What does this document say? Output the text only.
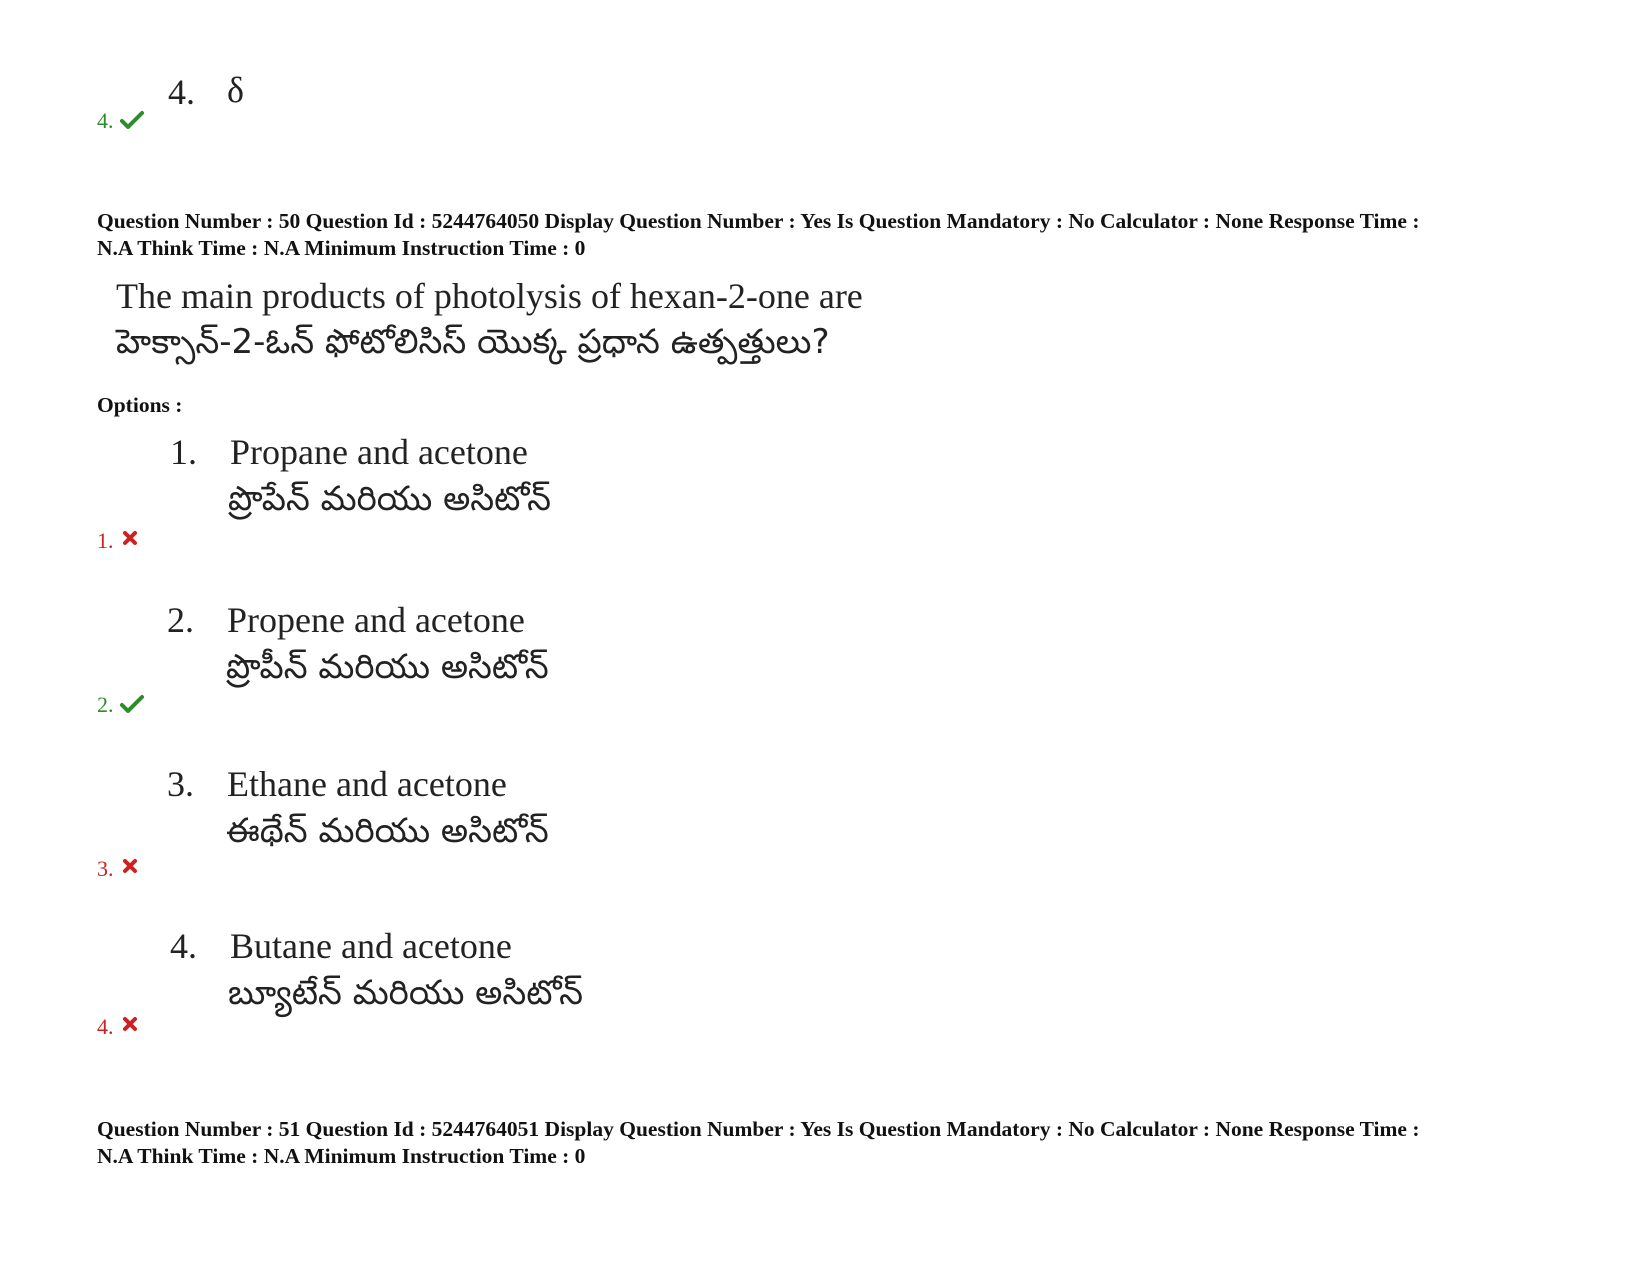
4. δ
4.
Question Number : 50 Question Id : 5244764050 Display Question Number : Yes Is Question Mandatory : No Calculator : None Response Time :
N.A Think Time : N.A Minimum Instruction Time : 0
The main products of photolysis of hexan-2-one are
హెక్సాన్-2-ఓన్ ఫోటోలిసిస్ యొక్క ప్రధాన ఉత్పత్తులు?
Options :
1. Propane and acetone
ప్రొపేన్ మరియు అసిటోన్
1.
2. Propene and acetone
ప్రొపీన్ మరియు అసిటోన్
2.
3. Ethane and acetone
ఈథేన్ మరియు అసిటోన్
3.
4. Butane and acetone
బ్యూటేన్ మరియు అసిటోన్
4.
Question Number : 51 Question Id : 5244764051 Display Question Number : Yes Is Question Mandatory : No Calculator : None Response Time :
N.A Think Time : N.A Minimum Instruction Time : 0
